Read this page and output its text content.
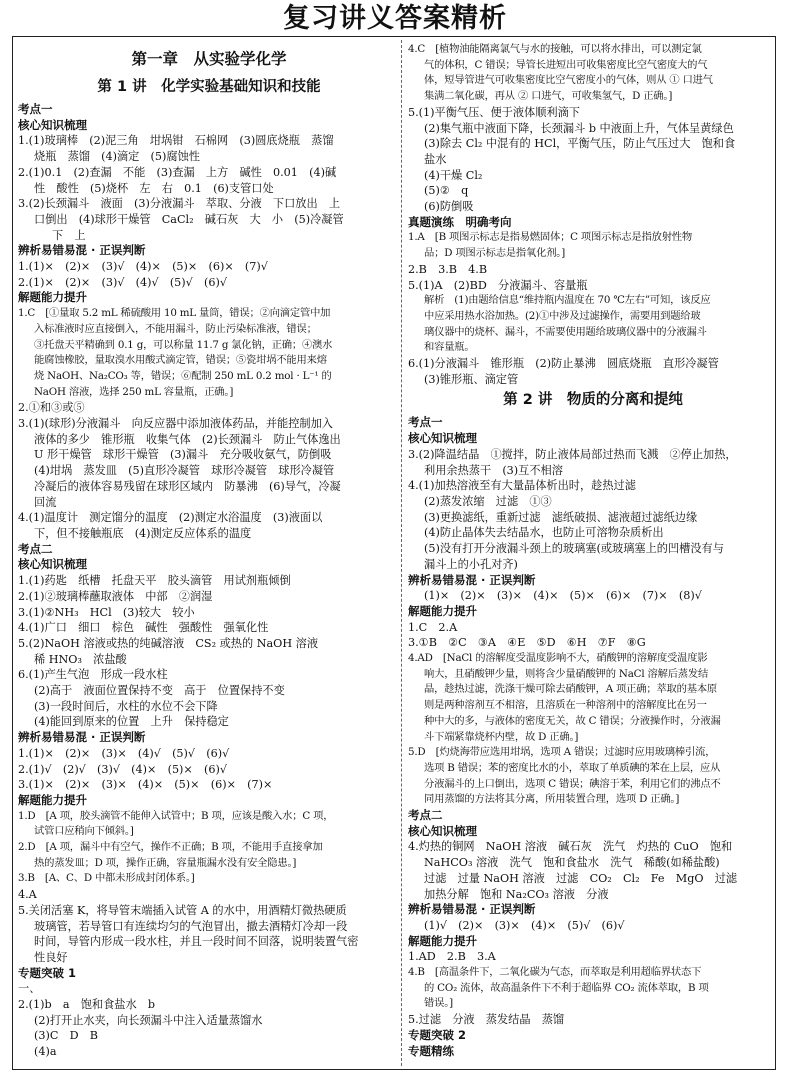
复习讲义答案精析
第一章　从实验学化学
第 1 讲　化学实验基础知识和技能
考点一
核心知识梳理
1.(1)玻璃棒　(2)泥三角　坩埚钳　石棉网　(3)圆底烧瓶　蒸馏
烧瓶　蒸馏　(4)滴定　(5)腐蚀性
2.(1)0.1　(2)查漏　不能　(3)查漏　上方　碱性　0.01　(4)碱
性　酸性　(5)烧杯　左　右　0.1　(6)支管口处
3.(2)长颈漏斗　液面　(3)分液漏斗　萃取、分液　下口放出　上
口倒出　(4)球形干燥管　CaCl₂　碱石灰　大　小　(5)冷凝管
下　上
辨析易错易混 · 正误判断
1.(1)×　(2)×　(3)√　(4)×　(5)×　(6)×　(7)√
2.(1)×　(2)×　(3)√　(4)√　(5)√　(6)√
解题能力提升
1.C　[①量取 5.2 mL 稀硫酸用 10 mL 量筒，错误；②向滴定管中加
入标准液时应直接倒入，不能用漏斗，防止污染标准液，错误；
③托盘天平精确到 0.1 g，可以称量 11.7 g 氯化钠，正确；④澳水
能腐蚀橡胶，量取溴水用酸式滴定管，错误；⑤瓷坩埚不能用来熔
烧 NaOH、Na₂CO₃ 等，错误；⑥配制 250 mL 0.2 mol · L⁻¹ 的
NaOH 溶液，选择 250 mL 容量瓶，正确。]
2.①和③或⑤
3.(1)(球形)分液漏斗　向反应器中添加液体药品，并能控制加入
液体的多少　锥形瓶　收集气体　(2)长颈漏斗　防止气体逸出
U 形干燥管　球形干燥管　(3)漏斗　充分吸收氨气，防倒吸
(4)坩埚　蒸发皿　(5)直形冷凝管　球形冷凝管　球形冷凝管
冷凝后的液体容易残留在球形区域内　防暴沸　(6)导气，冷凝
回流
4.(1)温度计　测定馏分的温度　(2)测定水浴温度　(3)液面以
下，但不接触瓶底　(4)测定反应体系的温度
考点二
核心知识梳理
1.(1)药匙　纸槽　托盘天平　胶头滴管　用试剂瓶倾倒
2.(1)②玻璃棒蘸取液体　中部　②润湿
3.(1)②NH₃　HCl　(3)较大　较小
4.(1)广口　细口　棕色　碱性　强酸性　强氧化性
5.(2)NaOH 溶液或热的纯碱溶液　CS₂ 或热的 NaOH 溶液
稀 HNO₃　浓盐酸
6.(1)产生气泡　形成一段水柱
(2)高于　液面位置保持不变　高于　位置保持不变
(3)一段时间后，水柱的水位不会下降
(4)能回到原来的位置　上升　保持稳定
辨析易错易混 · 正误判断
1.(1)×　(2)×　(3)×　(4)√　(5)√　(6)√
2.(1)√　(2)√　(3)√　(4)×　(5)×　(6)√
3.(1)×　(2)×　(3)×　(4)×　(5)×　(6)×　(7)×
解题能力提升
1.D　[A 项，胶头滴管不能伸入试管中；B 项，应该是酸入水；C 项，
试管口应稍向下倾斜。]
2.D　[A 项，漏斗中有空气，操作不正确；B 项，不能用手直接拿加
热的蒸发皿；D 项，操作正确，容量瓶漏水没有安全隐患。]
3.B　[A、C、D 中都未形成封闭体系。]
4.A
5.关闭活塞 K，将导管末端插入试管 A 的水中，用酒精灯微热硬质
玻璃管，若导管口有连续均匀的气泡冒出，撤去酒精灯冷却一段
时间，导管内形成一段水柱，并且一段时间不回落，说明装置气密
性良好
专题突破 1
一、
2.(1)b　a　饱和食盐水　b
(2)打开止水夹，向长颈漏斗中注入适量蒸馏水
(3)C　D　B
(4)a
4.C　[植物油能隔离氯气与水的接触，可以将水排出，可以测定氯
气的体积，C 错误；导管长进短出可收集密度比空气密度大的气
体，短导管进气可收集密度比空气密度小的气体，则从 ① 口进气
集满二氧化碳，再从 ② 口进气，可收集氢气，D 正确。]
5.(1)平衡气压、便于液体顺利滴下
(2)集气瓶中液面下降，长颈漏斗 b 中液面上升，气体呈黄绿色
(3)除去 Cl₂ 中混有的 HCl，平衡气压，防止气压过大　饱和食
盐水
(4)干燥 Cl₂
(5)②　q
(6)防倒吸
真题演练　明确考向
1.A　[B 项图示标志是指易燃固体；C 项图示标志是指放射性物
品；D 项图示标志是指氧化剂。]
2.B　3.B　4.B
5.(1)A　(2)BD　分液漏斗、容量瓶
解析　(1)由题给信息“维持瓶内温度在 70 ℃左右”可知，该反应
中应采用热水浴加热。(2)①中涉及过滤操作，需要用到题给玻
璃仪器中的烧杯、漏斗，不需要使用题给玻璃仪器中的分液漏斗
和容量瓶。
6.(1)分液漏斗　锥形瓶　(2)防止暴沸　圆底烧瓶　直形冷凝管
(3)锥形瓶、滴定管
第 2 讲　物质的分离和提纯
考点一
核心知识梳理
3.(2)降温结晶　①搅拌，防止液体局部过热而飞溅　②停止加热，
利用余热蒸干　(3)互不相溶
4.(1)加热溶液至有大量晶体析出时，趁热过滤
(2)蒸发浓缩　过滤　①③
(3)更换滤纸，重新过滤　滤纸破损、滤液超过滤纸边缘
(4)防止晶体失去结晶水，也防止可溶物杂质析出
(5)没有打开分液漏斗颈上的玻璃塞(或玻璃塞上的凹槽没有与
漏斗上的小孔对齐)
辨析易错易混 · 正误判断
(1)×　(2)×　(3)×　(4)×　(5)×　(6)×　(7)×　(8)√
解题能力提升
1.C　2.A
3.①B　②C　③A　④E　⑤D　⑥H　⑦F　⑧G
4.AD　[NaCl 的溶解度受温度影响不大，硝酸钾的溶解度受温度影
响大，且硝酸钾少量，则将含少量硝酸钾的 NaCl 溶解后蒸发结
晶，趁热过滤，洗涤干燥可除去硝酸钾，A 项正确；萃取的基本原
则是两种溶剂互不相溶，且溶质在一种溶剂中的溶解度比在另一
种中大的多，与液体的密度无关，故 C 错误；分液操作时，分液漏
斗下端紧靠烧杯内壁，故 D 正确。]
5.D　[灼烧海带应选用坩埚，选项 A 错误；过滤时应用玻璃棒引流，
选项 B 错误；苯的密度比水的小，萃取了单质碘的苯在上层，应从
分液漏斗的上口倒出，选项 C 错误；碘溶于苯，利用它们的沸点不
同用蒸馏的方法将其分离，所用装置合理，选项 D 正确。]
考点二
核心知识梳理
4.灼热的铜网　NaOH 溶液　碱石灰　洗气　灼热的 CuO　饱和
NaHCO₃ 溶液　洗气　饱和食盐水　洗气　稀酸(如稀盐酸)
过滤　过量 NaOH 溶液　过滤　CO₂　Cl₂　Fe　MgO　过滤
加热分解　饱和 Na₂CO₃ 溶液　分液
辨析易错易混 · 正误判断
(1)√　(2)×　(3)×　(4)×　(5)√　(6)√
解题能力提升
1.AD　2.B　3.A
4.B　[高温条件下，二氧化碳为气态，而萃取是利用超临界状态下
的 CO₂ 流体，故高温条件下不利于超临界 CO₂ 流体萃取，B 项
错误。]
5.过滤　分液　蒸发结晶　蒸馏
专题突破 2
专题精练
